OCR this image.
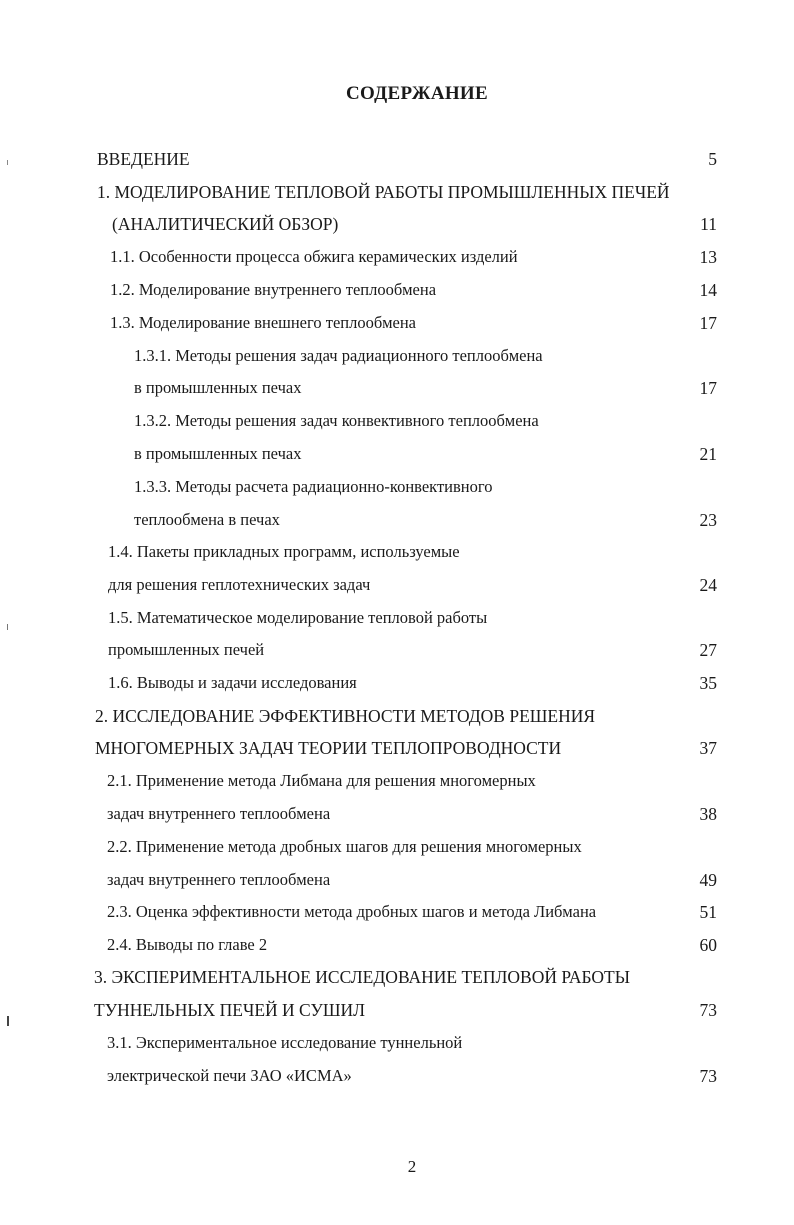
СОДЕРЖАНИЕ
ВВЕДЕНИЕ	5
1. МОДЕЛИРОВАНИЕ ТЕПЛОВОЙ РАБОТЫ ПРОМЫШЛЕННЫХ ПЕЧЕЙ
(АНАЛИТИЧЕСКИЙ ОБЗОР)	11
1.1. Особенности процесса обжига керамических изделий	13
1.2. Моделирование внутреннего теплообмена	14
1.3. Моделирование внешнего теплообмена	17
1.3.1. Методы решения задач радиационного теплообмена
в промышленных печах	17
1.3.2. Методы решения задач конвективного теплообмена
в промышленных печах	21
1.3.3. Методы расчета радиационно-конвективного
теплообмена в печах	23
1.4. Пакеты прикладных программ, используемые
для решения геплотехнических задач	24
1.5. Математическое моделирование тепловой работы
промышленных печей	27
1.6. Выводы и задачи исследования	35
2. ИССЛЕДОВАНИЕ ЭФФЕКТИВНОСТИ МЕТОДОВ РЕШЕНИЯ
МНОГОМЕРНЫХ ЗАДАЧ ТЕОРИИ ТЕПЛОПРОВОДНОСТИ	37
2.1. Применение метода Либмана для решения многомерных
задач внутреннего теплообмена	38
2.2. Применение метода дробных шагов для решения многомерных
задач внутреннего теплообмена	49
2.3. Оценка эффективности метода дробных шагов и метода Либмана	51
2.4. Выводы по главе 2	60
3. ЭКСПЕРИМЕНТАЛЬНОЕ ИССЛЕДОВАНИЕ ТЕПЛОВОЙ РАБОТЫ
ТУННЕЛЬНЫХ ПЕЧЕЙ И СУШИЛ	73
3.1. Экспериментальное исследование туннельной
электрической печи ЗАО «ИСМА»	73
2
